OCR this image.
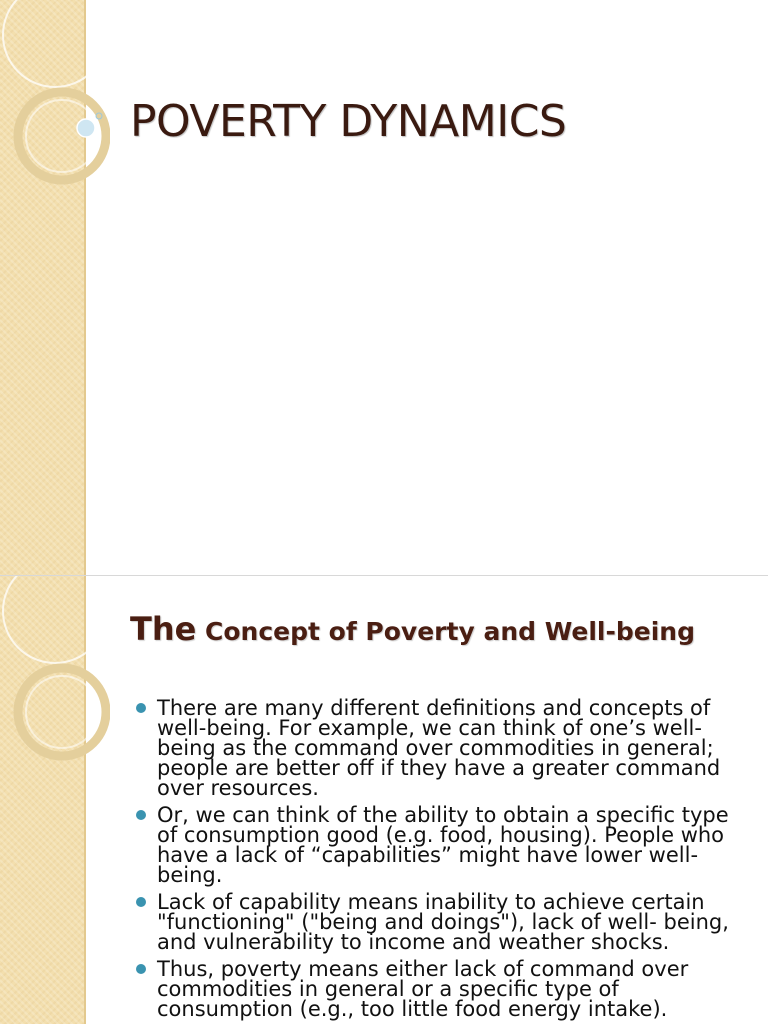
POVERTY DYNAMICS
The Concept of Poverty and Well-being
There are many different definitions and concepts of well-being. For example, we can think of one’s well-being as the command over commodities in general; people are better off if they have a greater command over resources.
Or, we can think of the ability to obtain a specific type of consumption good (e.g. food, housing). People who have a lack of “capabilities” might have lower well-being.
Lack of capability means inability to achieve certain "functioning" ("being and doings"), lack of well- being, and vulnerability to income and weather shocks.
Thus, poverty means either lack of command over commodities in general or a specific type of consumption (e.g., too little food energy intake).
